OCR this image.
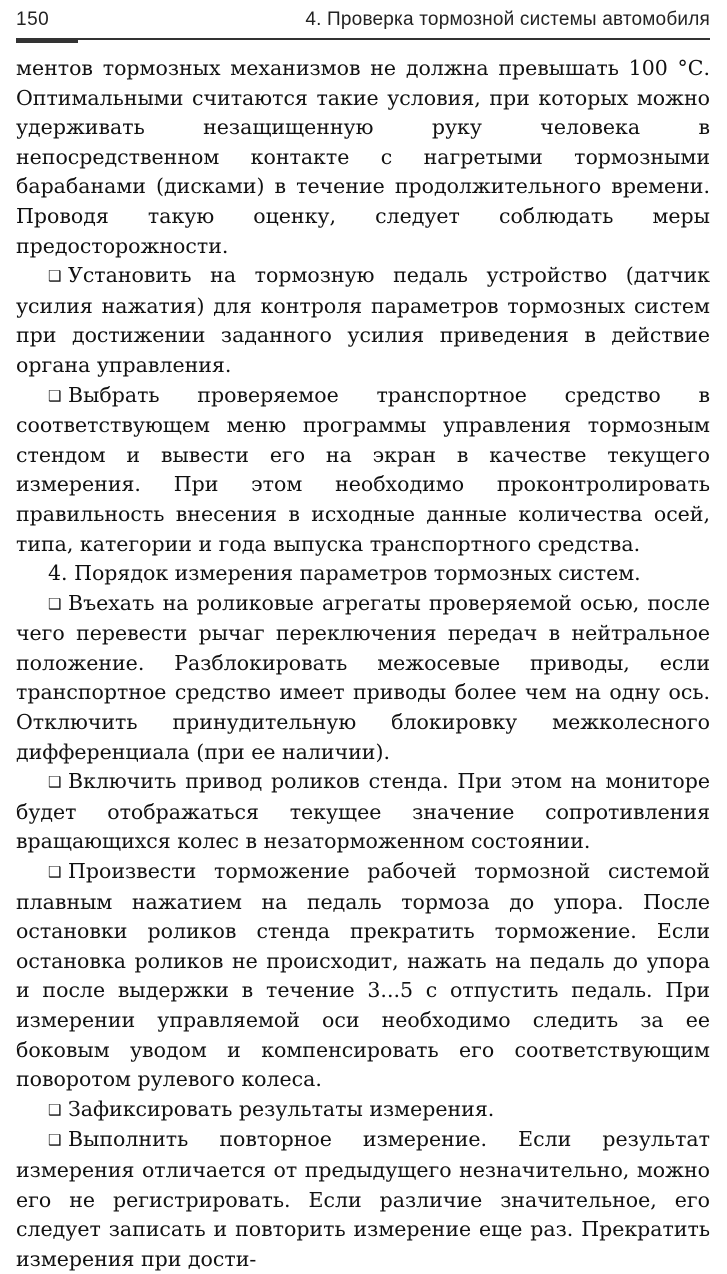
150	4. Проверка тормозной системы автомобиля

ментов тормозных механизмов не должна превышать 100 °С. Оптимальными считаются такие условия, при которых можно удерживать незащищенную руку человека в непосредственном контакте с нагретыми тормозными барабанами (дисками) в течение продолжительного времени. Проводя такую оценку, следует соблюдать меры предосторожности.

❑ Установить на тормозную педаль устройство (датчик усилия нажатия) для контроля параметров тормозных систем при достижении заданного усилия приведения в действие органа управления.

❑ Выбрать проверяемое транспортное средство в соответствующем меню программы управления тормозным стендом и вывести его на экран в качестве текущего измерения. При этом необходимо проконтролировать правильность внесения в исходные данные количества осей, типа, категории и года выпуска транспортного средства.

4. Порядок измерения параметров тормозных систем.

❑ Въехать на роликовые агрегаты проверяемой осью, после чего перевести рычаг переключения передач в нейтральное положение. Разблокировать межосевые приводы, если транспортное средство имеет приводы более чем на одну ось. Отключить принудительную блокировку межколесного дифференциала (при ее наличии).

❑ Включить привод роликов стенда. При этом на мониторе будет отображаться текущее значение сопротивления вращающихся колес в незаторможенном состоянии.

❑ Произвести торможение рабочей тормозной системой плавным нажатием на педаль тормоза до упора. После остановки роликов стенда прекратить торможение. Если остановка роликов не происходит, нажать на педаль до упора и после выдержки в течение 3...5 с отпустить педаль. При измерении управляемой оси необходимо следить за ее боковым уводом и компенсировать его соответствующим поворотом рулевого колеса.

❑ Зафиксировать результаты измерения.

❑ Выполнить повторное измерение. Если результат измерения отличается от предыдущего незначительно, можно его не регистрировать. Если различие значительное, его следует записать и повторить измерение еще раз. Прекратить измерения при дости-
